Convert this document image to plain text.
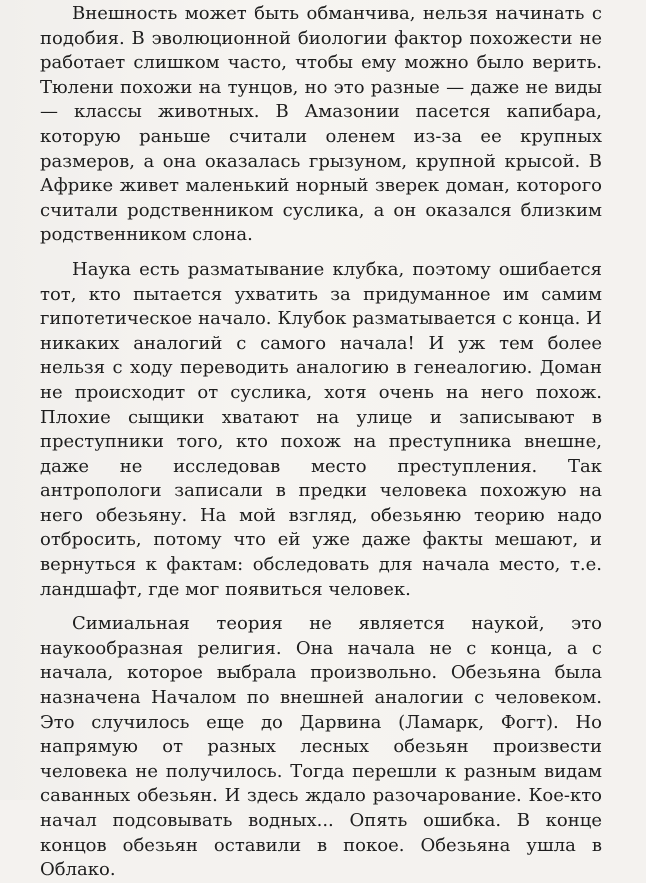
Внешность может быть обманчива, нельзя начинать с подобия. В эволюционной биологии фактор похожести не работает слишком часто, чтобы ему можно было верить. Тюлени похожи на тунцов, но это разные — даже не виды — классы животных. В Амазонии пасется капибара, которую раньше считали оленем из-за ее крупных размеров, а она оказалась грызуном, крупной крысой. В Африке живет маленький норный зверек доман, которого считали родственником суслика, а он оказался близким родственником слона.

Наука есть разматывание клубка, поэтому ошибается тот, кто пытается ухватить за придуманное им самим гипотетическое начало. Клубок разматывается с конца. И никаких аналогий с самого начала! И уж тем более нельзя с ходу переводить аналогию в генеалогию. Доман не происходит от суслика, хотя очень на него похож. Плохие сыщики хватают на улице и записывают в преступники того, кто похож на преступника внешне, даже не исследовав место преступления. Так антропологи записали в предки человека похожую на него обезьяну. На мой взгляд, обезьяню теорию надо отбросить, потому что ей уже даже факты мешают, и вернуться к фактам: обследовать для начала место, т.е. ландшафт, где мог появиться человек.

Симиальная теория не является наукой, это наукообразная религия. Она начала не с конца, а с начала, которое выбрала произвольно. Обезьяна была назначена Началом по внешней аналогии с человеком. Это случилось еще до Дарвина (Ламарк, Фогт). Но напрямую от разных лесных обезьян произвести человека не получилось. Тогда перешли к разным видам саванных обезьян. И здесь ждало разочарование. Кое-кто начал подсовывать водных... Опять ошибка. В конце концов обезьян оставили в покое. Обезьяна ушла в Облако.
